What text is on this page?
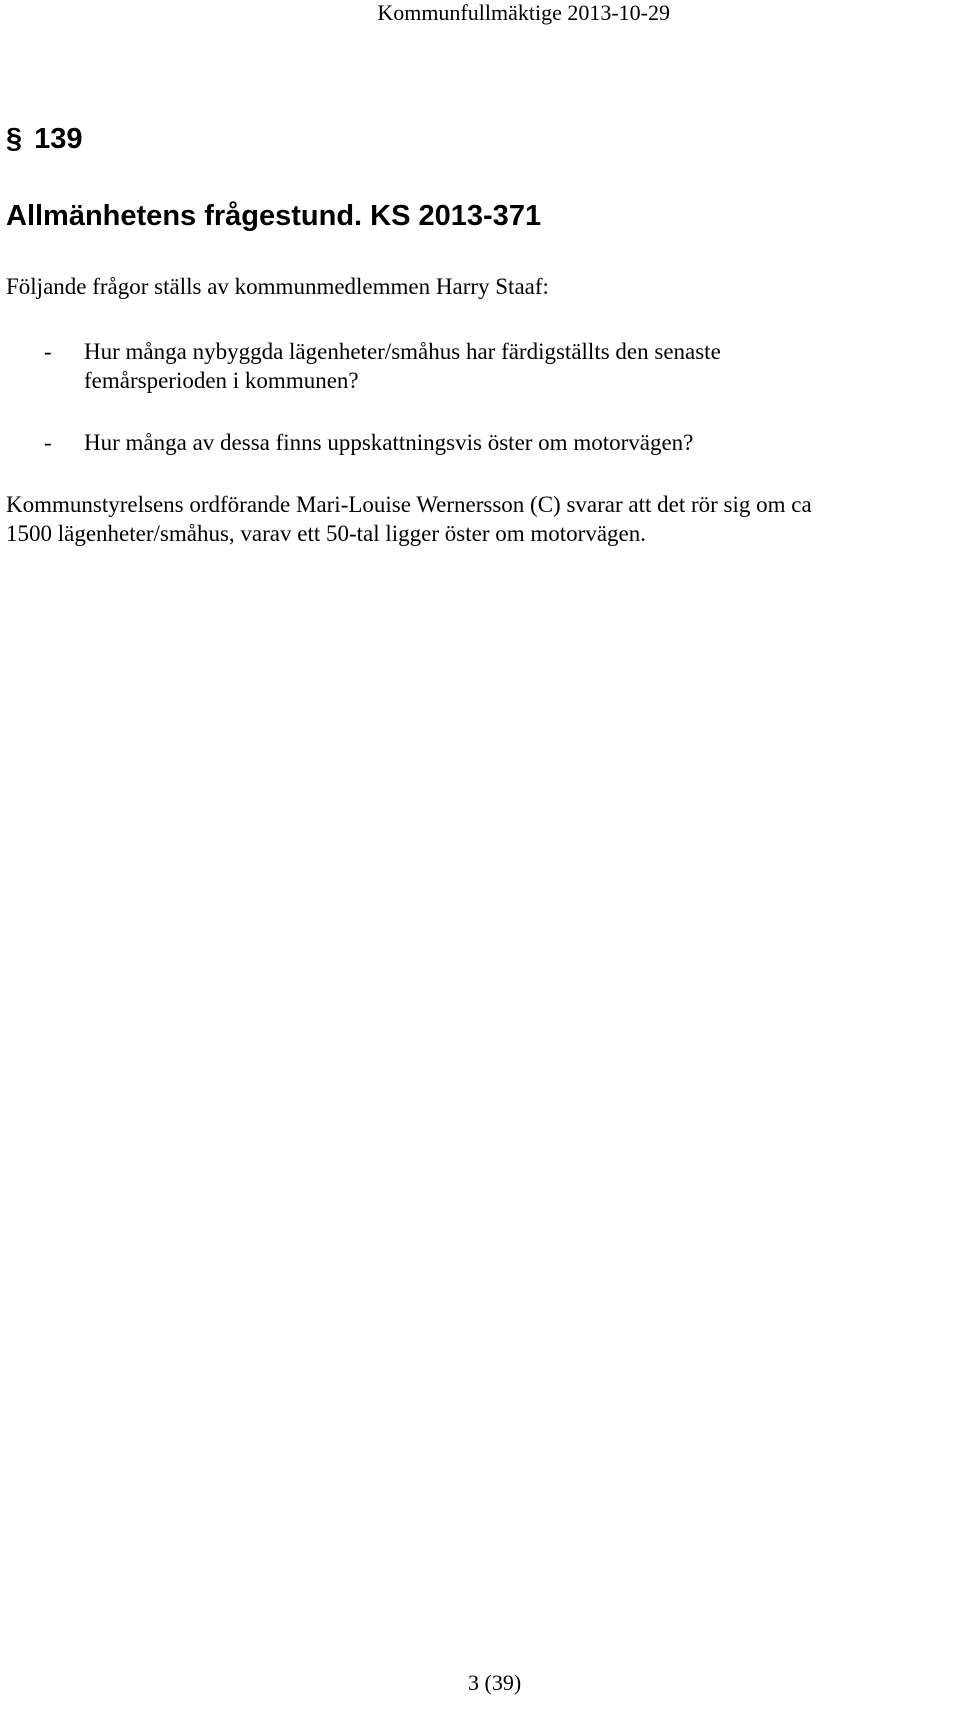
Kommunfullmäktige 2013-10-29
§ 139
Allmänhetens frågestund. KS 2013-371
Följande frågor ställs av kommunmedlemmen Harry Staaf:
- Hur många nybyggda lägenheter/småhus har färdigställts den senaste
femårsperioden i kommunen?
- Hur många av dessa finns uppskattningsvis öster om motorvägen?
Kommunstyrelsens ordförande Mari-Louise Wernersson (C) svarar att det rör sig om ca
1500 lägenheter/småhus, varav ett 50-tal ligger öster om motorvägen.
3 (39)
